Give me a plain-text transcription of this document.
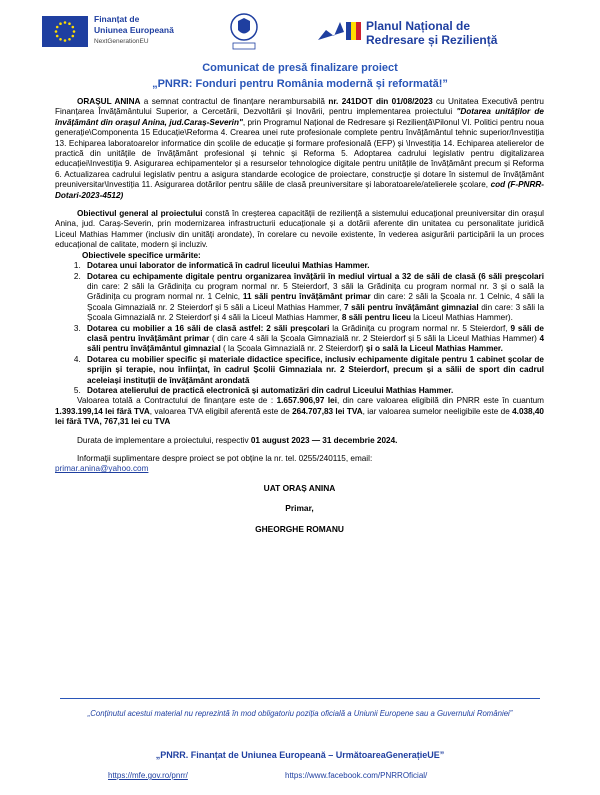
Finanțat de
Uniunea Europeană
NextGenerationEU
Planul Național de
Redresare și Reziliență
Comunicat de presă finalizare proiect
„PNRR: Fonduri pentru România modernă și reformată!”

ORAȘUL ANINA a semnat contractul de finanțare nerambursabilă nr. 241DOT din 01/08/2023 cu Unitatea Executivă pentru Finanțarea Învățământului Superior, a Cercetării, Dezvoltării și Inovării, pentru implementarea proiectului "Dotarea unităților de învățământ din orașul Anina, jud.Caraș-Severin", prin Programul Național de Redresare și Reziliență\Pilonul VI. Politici pentru noua generație\Componenta 15 Educație\Reforma 4. Crearea unei rute profesionale complete pentru învățământul tehnic superior/Investiția 13. Echiparea laboratoarelor informatice din școlile de educație și formare profesională (EFP) și \Investiția 14. Echiparea atelierelor de practică din unitățile de învățământ profesional și tehnic și Reforma 5. Adoptarea cadrului legislativ pentru digitalizarea educației\Investiția 9. Asigurarea echipamentelor și a resurselor tehnologice digitale pentru unitățile de învățământ precum și Reforma 6. Actualizarea cadrului legislativ pentru a asigura standarde ecologice de proiectare, construcție și dotare în sistemul de învățământ preuniversitar\Investiția 11. Asigurarea dotărilor pentru sălile de clasă preuniversitare și laboratoarele/atelierele școlare, cod (F-PNRR-Dotari-2023-4512)

Obiectivul general al proiectului constă în creșterea capacității de reziliență a sistemului educațional preuniversitar din orașul Anina, jud. Caraș-Severin, prin modernizarea infrastructurii educaționale și a dotării aferente din unitatea cu personalitate juridică Liceul Mathias Hammer (inclusiv din unități arondate), în corelare cu nevoile existente, în vederea asigurării participării la un proces educațional de calitate, modern și incluziv.

Obiectivele specifice urmărite:

1. Dotarea unui laborator de informatică în cadrul liceului Mathias Hammer.
2. Dotarea cu echipamente digitale pentru organizarea învățării în mediul virtual a 32 de săli de clasă (6 săli preșcolari din care: 2 săli la Grădinița cu program normal nr. 5 Steierdorf, 3 săli la Grădinița cu program normal nr. 3 și o sală la Grădinița cu program normal nr. 1 Celnic, 11 săli pentru învățământ primar din care: 2 săli la Școala nr. 1 Celnic, 4 săli la Școala Gimnazială nr. 2 Steierdorf și 5 săli a Liceul Mathias Hammer, 7 săli pentru învățământ gimnazial din care: 3 săli la Școala Gimnazială nr. 2 Steierdorf și 4 săli la Liceul Mathias Hammer, 8 săli pentru liceu la Liceul Mathias Hammer).
3. Dotarea cu mobilier a 16 săli de clasă astfel: 2 săli preșcolari la Grădinița cu program normal nr. 5 Steierdorf, 9 săli de clasă pentru învățământ primar ( din care 4 săli la Școala Gimnazială nr. 2 Steierdorf și 5 săli la Liceul Mathias Hammer) 4 săli pentru învățământul gimnazial ( la Școala Gimnazială nr. 2 Steierdorf) și o sală la Liceul Mathias Hammer.
4. Dotarea cu mobilier specific și materiale didactice specifice, inclusiv echipamente digitale pentru 1 cabinet școlar de sprijin și terapie, nou înființat, în cadrul Școlii Gimnaziala nr. 2 Steierdorf, precum și a sălii de sport din cadrul aceleiași instituții de învățământ arondată
5. Dotarea atelierului de practică electronică și automatizări din cadrul Liceului Mathias Hammer.

Valoarea totală a Contractului de finanțare este de : 1.657.906,97 lei, din care valoarea eligibilă din PNRR este în cuantum 1.393.199,14 lei fără TVA, valoarea TVA eligibil aferentă este de 264.707,83 lei TVA, iar valoarea sumelor neeligibile este de 4.038,40 lei fără TVA, 767,31 lei cu TVA

Durata de implementare a proiectului, respectiv 01 august 2023 — 31 decembrie 2024.

Informații suplimentare despre proiect se pot obține la nr. tel. 0255/240115, email:

primar.anina@yahoo.com

UAT ORAȘ ANINA

Primar,

GHEORGHE ROMANU

„Conținutul acestui material nu reprezintă în mod obligatoriu poziția oficială a Uniunii Europene sau a Guvernului României”
„PNRR. Finanțat de Uniunea Europeană – UrmătoareaGenerațieUE”
https://mfe.gov.ro/pnrr/	https://www.facebook.com/PNRROficial/
